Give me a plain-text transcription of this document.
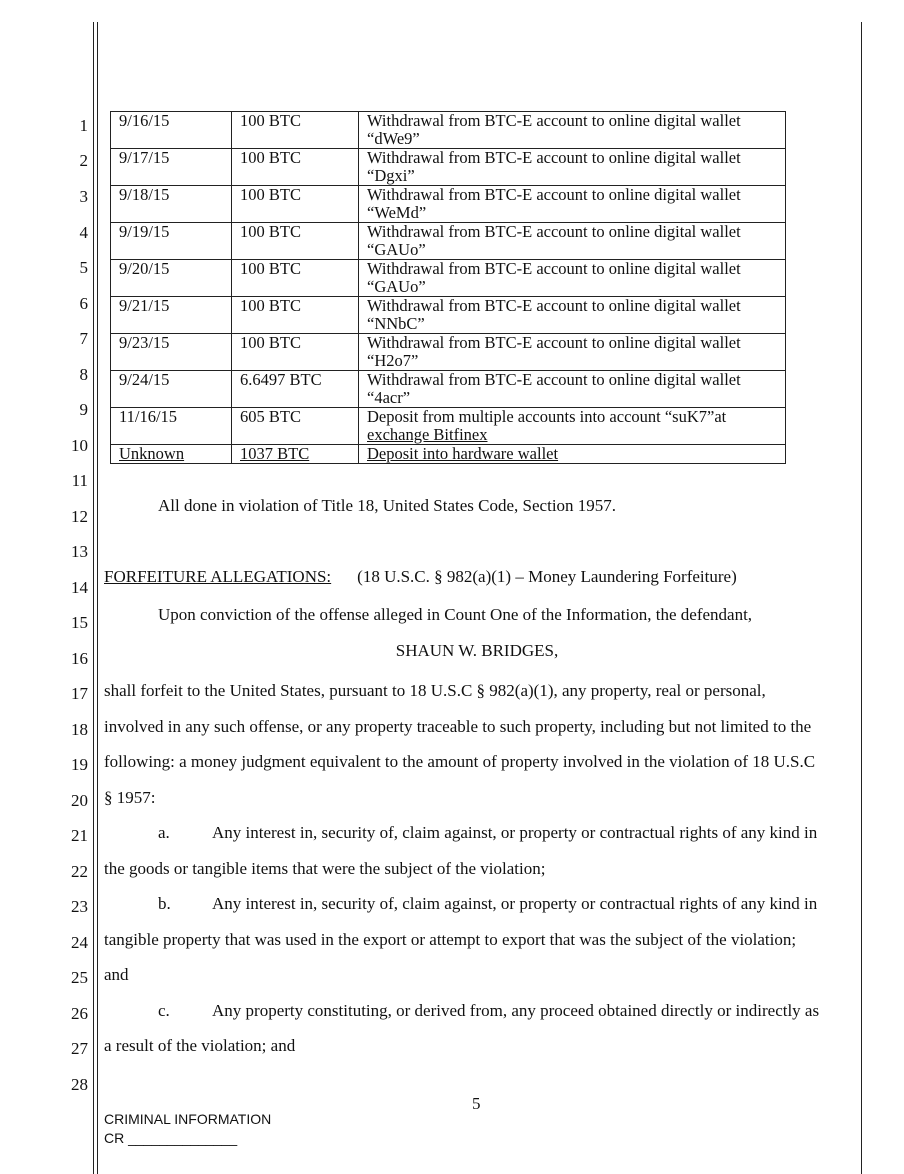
1
2
3
4
5
6
7
8
9
10
11
12
13
14
15
16
17
18
19
20
21
22
23
24
25
26
27
28
9/16/15	100 BTC	Withdrawal from BTC-E account to online digital wallet
“dWe9”

9/17/15	100 BTC	Withdrawal from BTC-E account to online digital wallet
“Dgxi”

9/18/15	100 BTC	Withdrawal from BTC-E account to online digital wallet
“WeMd”

9/19/15	100 BTC	Withdrawal from BTC-E account to online digital wallet
“GAUo”

9/20/15	100 BTC	Withdrawal from BTC-E account to online digital wallet
“GAUo”

9/21/15	100 BTC	Withdrawal from BTC-E account to online digital wallet
“NNbC”

9/23/15	100 BTC	Withdrawal from BTC-E account to online digital wallet
“H2o7”

9/24/15	6.6497 BTC	Withdrawal from BTC-E account to online digital wallet
“4acr”

11/16/15	605 BTC	Deposit from multiple accounts into account “suK7”at
exchange Bitfinex

Unknown	1037 BTC	Deposit into hardware wallet
All done in violation of Title 18, United States Code, Section 1957.
FORFEITURE ALLEGATIONS: (18 U.S.C. § 982(a)(1) – Money Laundering Forfeiture)
Upon conviction of the offense alleged in Count One of the Information, the defendant,
SHAUN W. BRIDGES,
shall forfeit to the United States, pursuant to 18 U.S.C § 982(a)(1), any property, real or personal,
involved in any such offense, or any property traceable to such property, including but not limited to the
following: a money judgment equivalent to the amount of property involved in the violation of 18 U.S.C
§ 1957:
a. Any interest in, security of, claim against, or property or contractual rights of any kind in
the goods or tangible items that were the subject of the violation;
b. Any interest in, security of, claim against, or property or contractual rights of any kind in
tangible property that was used in the export or attempt to export that was the subject of the violation;
and
c. Any property constituting, or derived from, any proceed obtained directly or indirectly as
a result of the violation; and
5
CRIMINAL INFORMATION
CR ______________
